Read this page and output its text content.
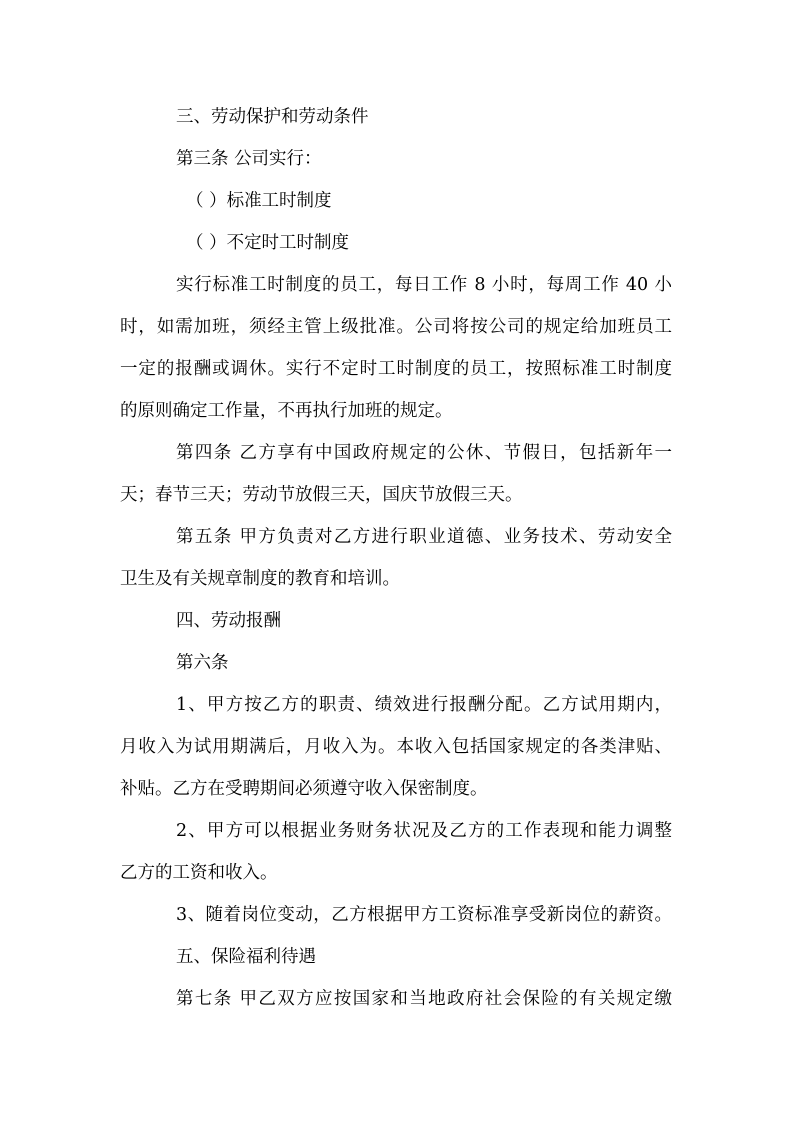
三、劳动保护和劳动条件
第三条 公司实行：
（ ）标准工时制度
（ ）不定时工时制度
实行标准工时制度的员工，每日工作 8 小时，每周工作 40 小
时，如需加班，须经主管上级批准。公司将按公司的规定给加班员工
一定的报酬或调休。实行不定时工时制度的员工，按照标准工时制度
的原则确定工作量，不再执行加班的规定。
第四条 乙方享有中国政府规定的公休、节假日，包括新年一
天；春节三天；劳动节放假三天，国庆节放假三天。
第五条 甲方负责对乙方进行职业道德、业务技术、劳动安全
卫生及有关规章制度的教育和培训。
四、劳动报酬
第六条
1、甲方按乙方的职责、绩效进行报酬分配。乙方试用期内，
月收入为试用期满后，月收入为。本收入包括国家规定的各类津贴、
补贴。乙方在受聘期间必须遵守收入保密制度。
2、甲方可以根据业务财务状况及乙方的工作表现和能力调整
乙方的工资和收入。
3、随着岗位变动，乙方根据甲方工资标准享受新岗位的薪资。
五、保险福利待遇
第七条 甲乙双方应按国家和当地政府社会保险的有关规定缴
